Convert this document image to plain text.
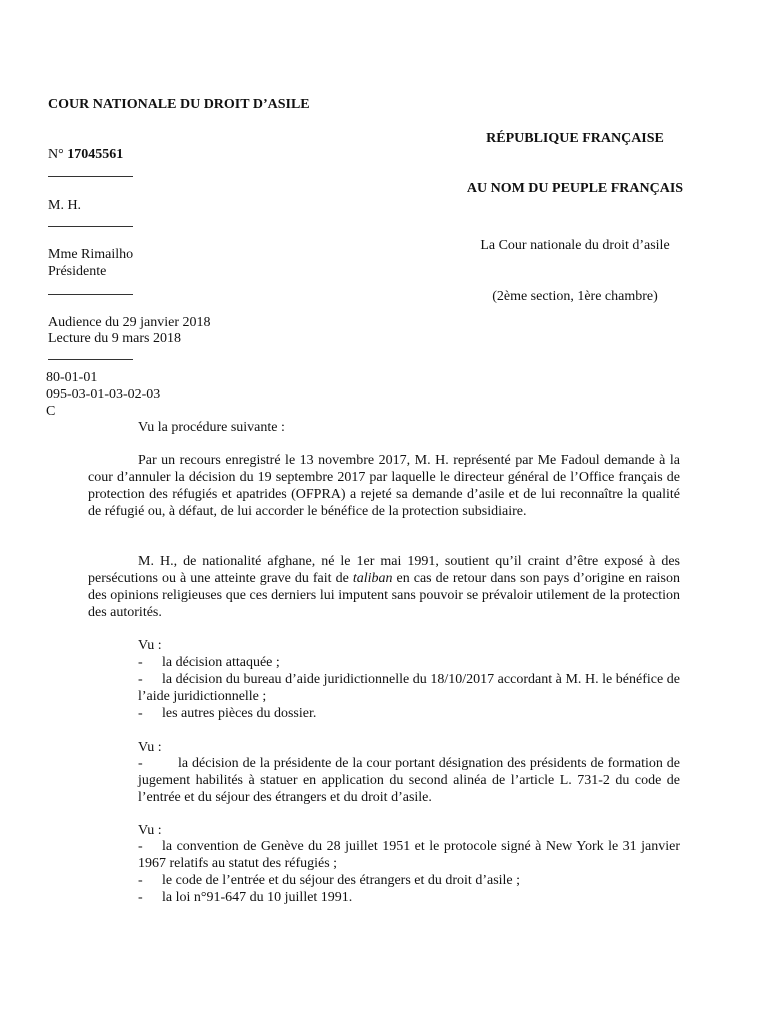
COUR NATIONALE DU DROIT D’ASILE
N° 17045561
M. H.
Mme Rimailho
Présidente
Audience du 29 janvier 2018
Lecture du 9 mars 2018
80-01-01
095-03-01-03-02-03
C
RÉPUBLIQUE FRANÇAISE
AU NOM DU PEUPLE FRANÇAIS
La Cour nationale du droit d’asile
(2ème section, 1ère chambre)
Vu la procédure suivante :
Par un recours enregistré le 13 novembre 2017, M. H. représenté par Me Fadoul demande à la cour d’annuler la décision du 19 septembre 2017 par laquelle le directeur général de l’Office français de protection des réfugiés et apatrides (OFPRA) a rejeté sa demande d’asile et de lui reconnaître la qualité de réfugié ou, à défaut, de lui accorder le bénéfice de la protection subsidiaire.
M. H., de nationalité afghane, né le 1er mai 1991, soutient qu’il craint d’être exposé à des persécutions ou à une atteinte grave du fait de taliban en cas de retour dans son pays d’origine en raison des opinions religieuses que ces derniers lui imputent sans pouvoir se prévaloir utilement de la protection des autorités.
Vu :
- la décision attaquée ;
- la décision du bureau d’aide juridictionnelle du 18/10/2017 accordant à M. H. le bénéfice de l’aide juridictionnelle ;
- les autres pièces du dossier.
Vu :
-	la décision de la présidente de la cour portant désignation des présidents de formation de jugement habilités à statuer en application du second alinéa de l’article L. 731-2 du code de l’entrée et du séjour des étrangers et du droit d’asile.
Vu :
- la convention de Genève du 28 juillet 1951 et le protocole signé à New York le 31 janvier 1967 relatifs au statut des réfugiés ;
- le code de l’entrée et du séjour des étrangers et du droit d’asile ;
- la loi n°91-647 du 10 juillet 1991.
